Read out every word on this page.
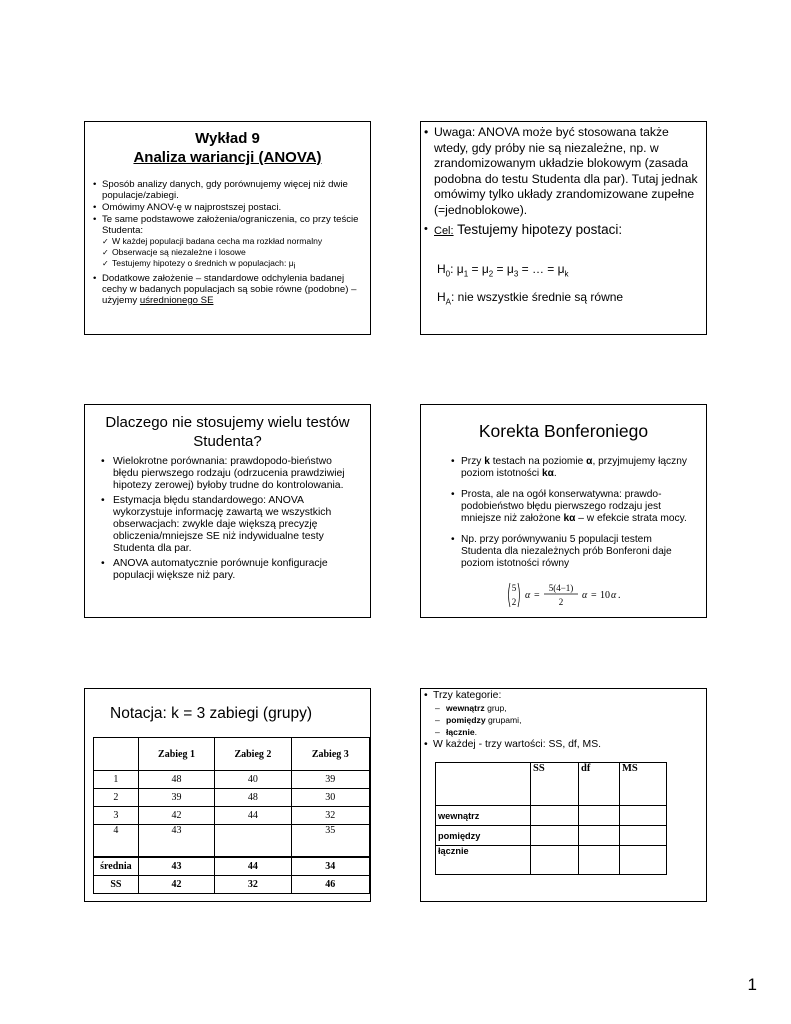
Wykład 9
Analiza wariancji (ANOVA)
• Sposób analizy danych, gdy porównujemy więcej niż dwie populacje/zabiegi.
• Omówimy ANOV-ę w najprostszej postaci.
• Te same podstawowe założenia/ograniczenia, co przy teście Studenta:
✓ W każdej populacji badana cecha ma rozkład normalny
✓ Obserwacje są niezależne i losowe
✓ Testujemy hipotezy o średnich w populacjach: $\mu_i$
• Dodatkowe założenie – standardowe odchylenia badanej cechy w badanych populacjach są sobie równe (podobne) – użyjemy uśrednionego SE
• Uwaga: ANOVA może być stosowana także wtedy, gdy próby nie są niezależne, np. w zrandomizowanym układzie blokowym (zasada podobna do testu Studenta dla par). Tutaj jednak omówimy tylko układy zrandomizowane zupełne (=jednoblokowe).
• Cel: Testujemy hipotezy postaci:
$H_0$: $\mu_1 = \mu_2 = \mu_3$ = … = $\mu_k$
$H_A$: nie wszystkie średnie są równe
Dlaczego nie stosujemy wielu testów Studenta?
• Wielokrotne porównania: prawdopodo-bieństwo błędu pierwszego rodzaju (odrzucenia prawdziwiej hipotezy zerowej) byłoby trudne do kontrolowania.
• Estymacja błędu standardowego: ANOVA wykorzystuje informację zawartą we wszystkich obserwacjach: zwykle daje większą precyzję obliczenia/mniejsze SE niż indywidualne testy Studenta dla par.
• ANOVA automatycznie porównuje konfiguracje populacji większe niż pary.
Korekta Bonferoniego
• Przy k testach na poziomie α, przyjmujemy łączny poziom istotności kα.
• Prosta, ale na ogół konserwatywna: prawdo-podobieństwo błędu pierwszego rodzaju jest mniejsze niż założone kα – w efekcie strata mocy.
• Np. przy porównywaniu 5 populacji testem Studenta dla niezależnych prób Bonferoni daje poziom istotności równy
5
2
α =
5(4−1)
2
α = 10 α .
Notacja: k = 3 zabiegi (grupy)
	Zabieg 1	Zabieg 2	Zabieg 3
1	48	40	39
2	39	48	30
3	42	44	32
4	43		35
średnia	43	44	34
SS	42	32	46
• Trzy kategorie:
– wewnątrz grup,
– pomiędzy grupami,
– łącznie.
• W każdej - trzy wartości: SS, df, MS.
	SS	df	MS
wewnątrz			
pomiędzy			
łącznie			
1
